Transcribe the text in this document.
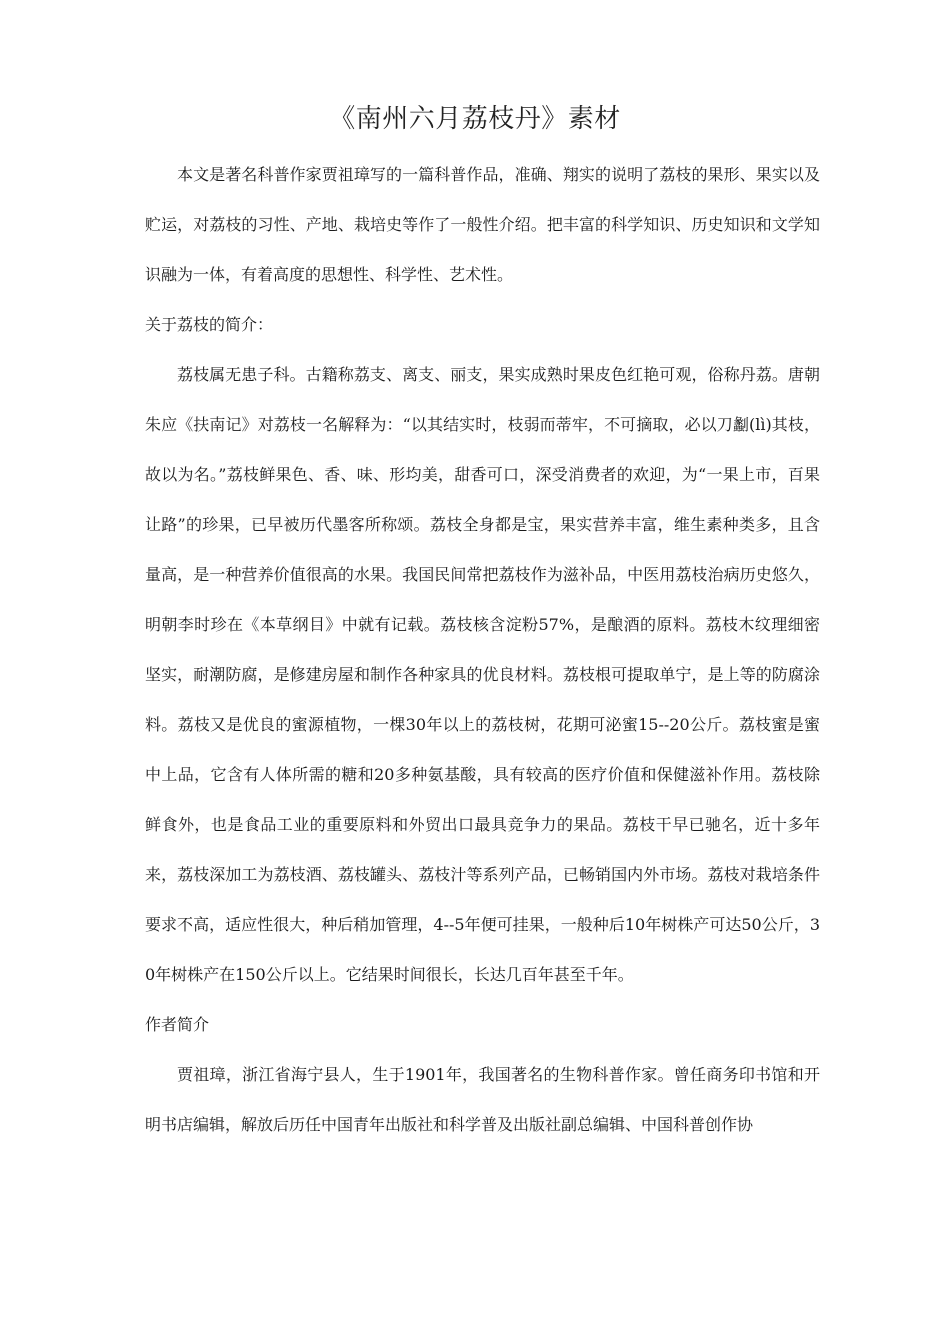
《南州六月荔枝丹》素材

本文是著名科普作家贾祖璋写的一篇科普作品，准确、翔实的说明了荔枝的果形、果实以及贮运，对荔枝的习性、产地、栽培史等作了一般性介绍。把丰富的科学知识、历史知识和文学知识融为一体，有着高度的思想性、科学性、艺术性。

关于荔枝的简介：

荔枝属无患子科。古籍称荔支、离支、丽支，果实成熟时果皮色红艳可观，俗称丹荔。唐朝朱应《扶南记》对荔枝一名解释为：“以其结实时，枝弱而蒂牢，不可摘取，必以刀劙(lì)其枝，故以为名。”荔枝鲜果色、香、味、形均美，甜香可口，深受消费者的欢迎，为“一果上市，百果让路”的珍果，已早被历代墨客所称颂。荔枝全身都是宝，果实营养丰富，维生素种类多，且含量高，是一种营养价值很高的水果。我国民间常把荔枝作为滋补品，中医用荔枝治病历史悠久，明朝李时珍在《本草纲目》中就有记载。荔枝核含淀粉57%，是酿酒的原料。荔枝木纹理细密坚实，耐潮防腐，是修建房屋和制作各种家具的优良材料。荔枝根可提取单宁，是上等的防腐涂料。荔枝又是优良的蜜源植物，一棵30年以上的荔枝树，花期可泌蜜15--20公斤。荔枝蜜是蜜中上品，它含有人体所需的糖和20多种氨基酸，具有较高的医疗价值和保健滋补作用。荔枝除鲜食外，也是食品工业的重要原料和外贸出口最具竞争力的果品。荔枝干早已驰名，近十多年来，荔枝深加工为荔枝酒、荔枝罐头、荔枝汁等系列产品，已畅销国内外市场。荔枝对栽培条件要求不高，适应性很大，种后稍加管理，4--5年便可挂果，一般种后10年树株产可达50公斤，30年树株产在150公斤以上。它结果时间很长，长达几百年甚至千年。

作者简介

贾祖璋，浙江省海宁县人，生于1901年，我国著名的生物科普作家。曾任商务印书馆和开明书店编辑，解放后历任中国青年出版社和科学普及出版社副总编辑、中国科普创作协
